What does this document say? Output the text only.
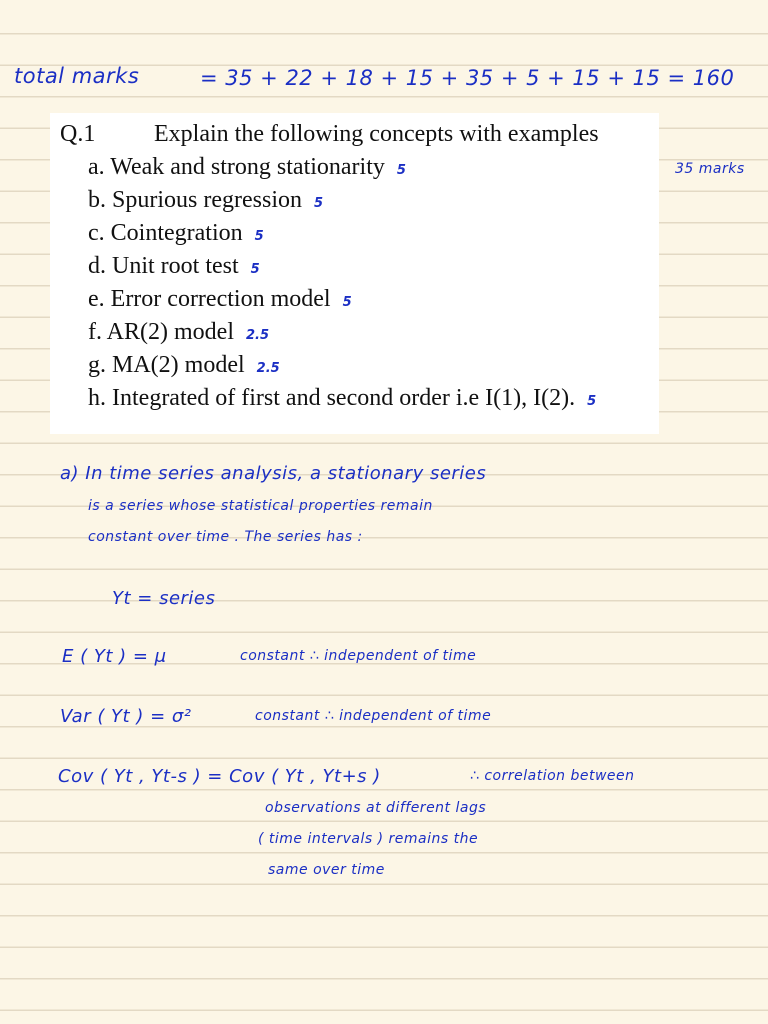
total marks	= 35 + 22 + 18 + 15 + 35 + 5 + 15 + 15 = 160
Q.1 Explain the following concepts with examples
a. Weak and strong stationarity 5
b. Spurious regression 5
c. Cointegration 5
d. Unit root test 5
e. Error correction model 5
f. AR(2) model 2.5
g. MA(2) model 2.5
h. Integrated of first and second order i.e I(1), I(2). 5
35 marks
a) In time series analysis, a stationary series
is a series whose statistical properties remain
constant over time . The series has :
Yt = series
E ( Yt ) = μ	constant ∴ independent of time
Var ( Yt ) = σ²	constant ∴ independent of time
Cov ( Yt , Yt-s ) = Cov ( Yt , Yt+s )	∴ correlation between
observations at different lags
( time intervals ) remains the
same over time
